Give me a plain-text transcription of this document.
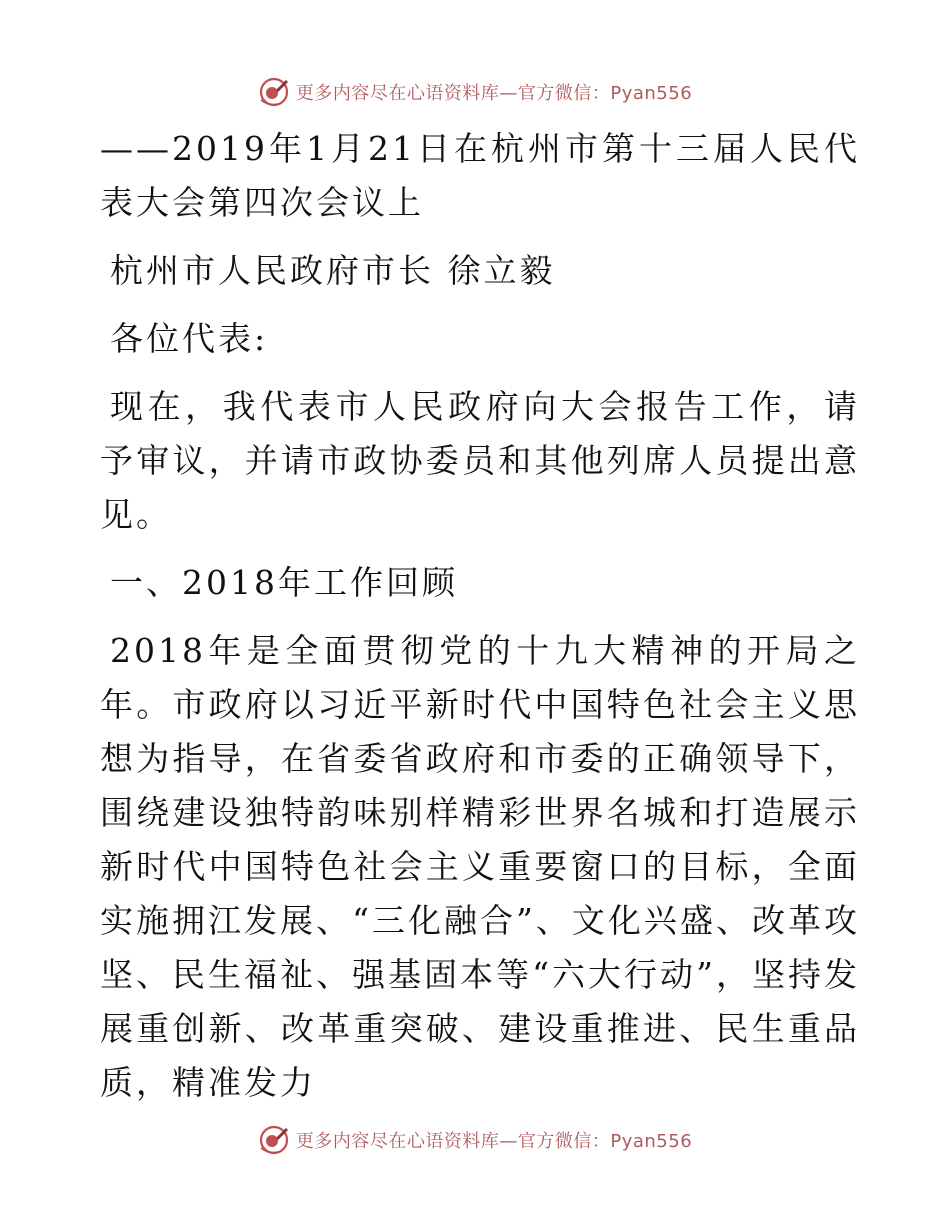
更多内容尽在心语资料库—官方微信：Pyan556

——2019年1月21日在杭州市第十三届人民代表大会第四次会议上

杭州市人民政府市长 徐立毅

各位代表:

现在，我代表市人民政府向大会报告工作，请予审议，并请市政协委员和其他列席人员提出意见。

一、2018年工作回顾

2018年是全面贯彻党的十九大精神的开局之年。市政府以习近平新时代中国特色社会主义思想为指导，在省委省政府和市委的正确领导下，围绕建设独特韵味别样精彩世界名城和打造展示新时代中国特色社会主义重要窗口的目标，全面实施拥江发展、“三化融合”、文化兴盛、改革攻坚、民生福祉、强基固本等“六大行动”，坚持发展重创新、改革重突破、建设重推进、民生重品质，精准发力

更多内容尽在心语资料库—官方微信：Pyan556
